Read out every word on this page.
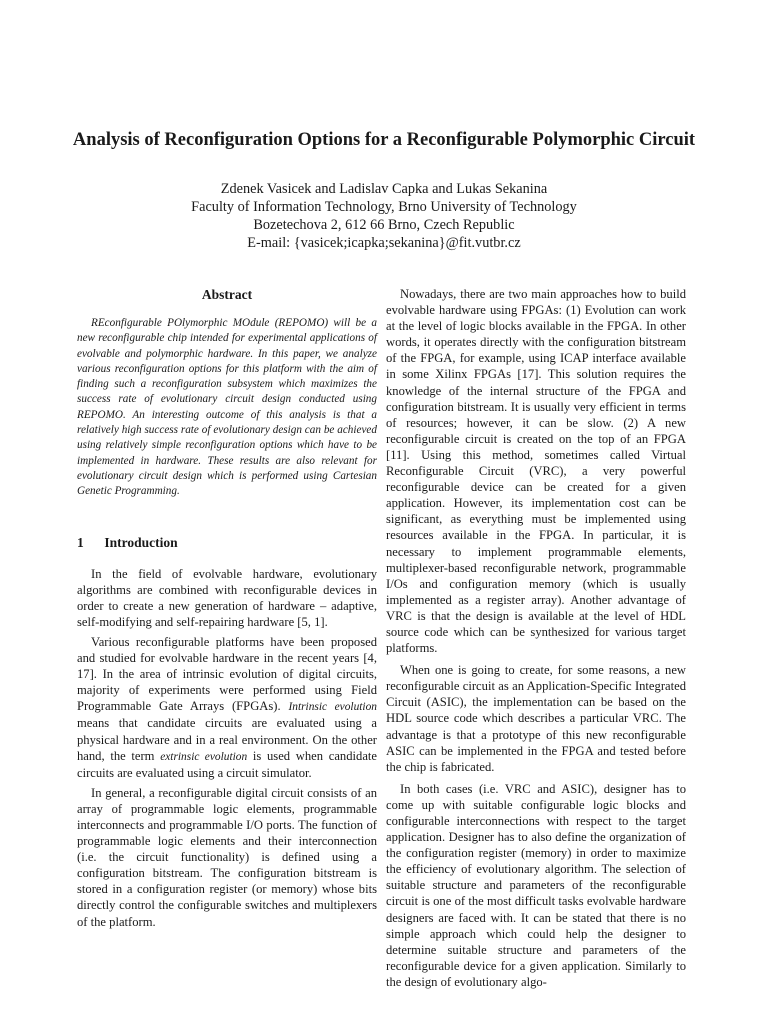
Analysis of Reconfiguration Options for a Reconfigurable Polymorphic Circuit
Zdenek Vasicek and Ladislav Capka and Lukas Sekanina
Faculty of Information Technology, Brno University of Technology
Bozetechova 2, 612 66 Brno, Czech Republic
E-mail: {vasicek;icapka;sekanina}@fit.vutbr.cz
Abstract

REconfigurable POlymorphic MOdule (REPOMO) will be a new reconfigurable chip intended for experimental applications of evolvable and polymorphic hardware. In this paper, we analyze various reconfiguration options for this platform with the aim of finding such a reconfiguration subsystem which maximizes the success rate of evolutionary circuit design conducted using REPOMO. An interesting outcome of this analysis is that a relatively high success rate of evolutionary design can be achieved using relatively simple reconfiguration options which have to be implemented in hardware. These results are also relevant for evolutionary circuit design which is performed using Cartesian Genetic Programming.

1 Introduction

In the field of evolvable hardware, evolutionary algorithms are combined with reconfigurable devices in order to create a new generation of hardware – adaptive, self-modifying and self-repairing hardware [5, 1].

Various reconfigurable platforms have been proposed and studied for evolvable hardware in the recent years [4, 17]. In the area of intrinsic evolution of digital circuits, majority of experiments were performed using Field Programmable Gate Arrays (FPGAs). Intrinsic evolution means that candidate circuits are evaluated using a physical hardware and in a real environment. On the other hand, the term extrinsic evolution is used when candidate circuits are evaluated using a circuit simulator.

In general, a reconfigurable digital circuit consists of an array of programmable logic elements, programmable interconnects and programmable I/O ports. The function of programmable logic elements and their interconnection (i.e. the circuit functionality) is defined using a configuration bitstream. The configuration bitstream is stored in a configuration register (or memory) whose bits directly control the configurable switches and multiplexers of the platform.

Nowadays, there are two main approaches how to build evolvable hardware using FPGAs: (1) Evolution can work at the level of logic blocks available in the FPGA. In other words, it operates directly with the configuration bitstream of the FPGA, for example, using ICAP interface available in some Xilinx FPGAs [17]. This solution requires the knowledge of the internal structure of the FPGA and configuration bitstream. It is usually very efficient in terms of resources; however, it can be slow. (2) A new reconfigurable circuit is created on the top of an FPGA [11]. Using this method, sometimes called Virtual Reconfigurable Circuit (VRC), a very powerful reconfigurable device can be created for a given application. However, its implementation cost can be significant, as everything must be implemented using resources available in the FPGA. In particular, it is necessary to implement programmable elements, multiplexer-based reconfigurable network, programmable I/Os and configuration memory (which is usually implemented as a register array). Another advantage of VRC is that the design is available at the level of HDL source code which can be synthesized for various target platforms.

When one is going to create, for some reasons, a new reconfigurable circuit as an Application-Specific Integrated Circuit (ASIC), the implementation can be based on the HDL source code which describes a particular VRC. The advantage is that a prototype of this new reconfigurable ASIC can be implemented in the FPGA and tested before the chip is fabricated.

In both cases (i.e. VRC and ASIC), designer has to come up with suitable configurable logic blocks and configurable interconnections with respect to the target application. Designer has to also define the organization of the configuration register (memory) in order to maximize the efficiency of evolutionary algorithm. The selection of suitable structure and parameters of the reconfigurable circuit is one of the most difficult tasks evolvable hardware designers are faced with. It can be stated that there is no simple approach which could help the designer to determine suitable structure and parameters of the reconfigurable device for a given application. Similarly to the design of evolutionary algo-
